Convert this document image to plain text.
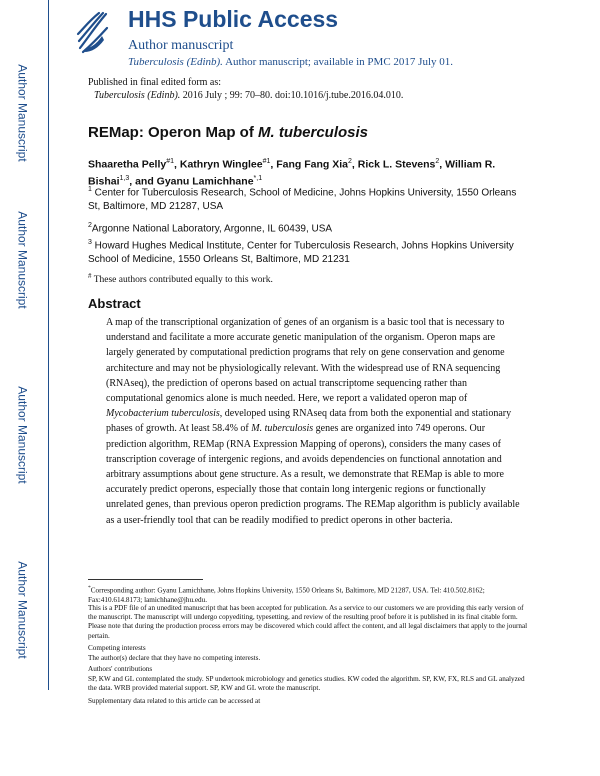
Author Manuscript
Author Manuscript
Author Manuscript
Author Manuscript
HHS Public Access
Author manuscript
Tuberculosis (Edinb). Author manuscript; available in PMC 2017 July 01.
Published in final edited form as:
Tuberculosis (Edinb). 2016 July ; 99: 70–80. doi:10.1016/j.tube.2016.04.010.
REMap: Operon Map of M. tuberculosis
Shaaretha Pelly$^{\#1}$, Kathryn Winglee$^{\#1}$, Fang Fang Xia$^2$, Rick L. Stevens$^2$, William R. Bishai$^{1,3}$, and Gyanu Lamichhane$^{*,1}$
$^1$ Center for Tuberculosis Research, School of Medicine, Johns Hopkins University, 1550 Orleans St, Baltimore, MD 21287, USA
$^2$Argonne National Laboratory, Argonne, IL 60439, USA
$^3$ Howard Hughes Medical Institute, Center for Tuberculosis Research, Johns Hopkins University School of Medicine, 1550 Orleans St, Baltimore, MD 21231
# These authors contributed equally to this work.
Abstract

A map of the transcriptional organization of genes of an organism is a basic tool that is necessary to understand and facilitate a more accurate genetic manipulation of the organism. Operon maps are largely generated by computational prediction programs that rely on gene conservation and genome architecture and may not be physiologically relevant. With the widespread use of RNA sequencing (RNAseq), the prediction of operons based on actual transcriptome sequencing rather than computational genomics alone is much needed. Here, we report a validated operon map of Mycobacterium tuberculosis, developed using RNAseq data from both the exponential and stationary phases of growth. At least 58.4% of M. tuberculosis genes are organized into 749 operons. Our prediction algorithm, REMap (RNA Expression Mapping of operons), considers the many cases of transcription coverage of intergenic regions, and avoids dependencies on functional annotation and arbitrary assumptions about gene structure. As a result, we demonstrate that REMap is able to more accurately predict operons, especially those that contain long intergenic regions or functionally unrelated genes, than previous operon prediction programs. The REMap algorithm is publicly available as a user-friendly tool that can be readily modified to predict operons in other bacteria.

*Corresponding author: Gyanu Lamichhane, Johns Hopkins University, 1550 Orleans St, Baltimore, MD 21287, USA. Tel: 410.502.8162; Fax:410.614.8173; lamichhane@jhu.edu.

This is a PDF file of an unedited manuscript that has been accepted for publication. As a service to our customers we are providing this early version of the manuscript. The manuscript will undergo copyediting, typesetting, and review of the resulting proof before it is published in its final citable form. Please note that during the production process errors may be discovered which could affect the content, and all legal disclaimers that apply to the journal pertain.

Competing interests

The author(s) declare that they have no competing interests.

Authors' contributions

SP, KW and GL contemplated the study. SP undertook microbiology and genetics studies. KW coded the algorithm. SP, KW, FX, RLS and GL analyzed the data. WRB provided material support. SP, KW and GL wrote the manuscript.

Supplementary data related to this article can be accessed at
